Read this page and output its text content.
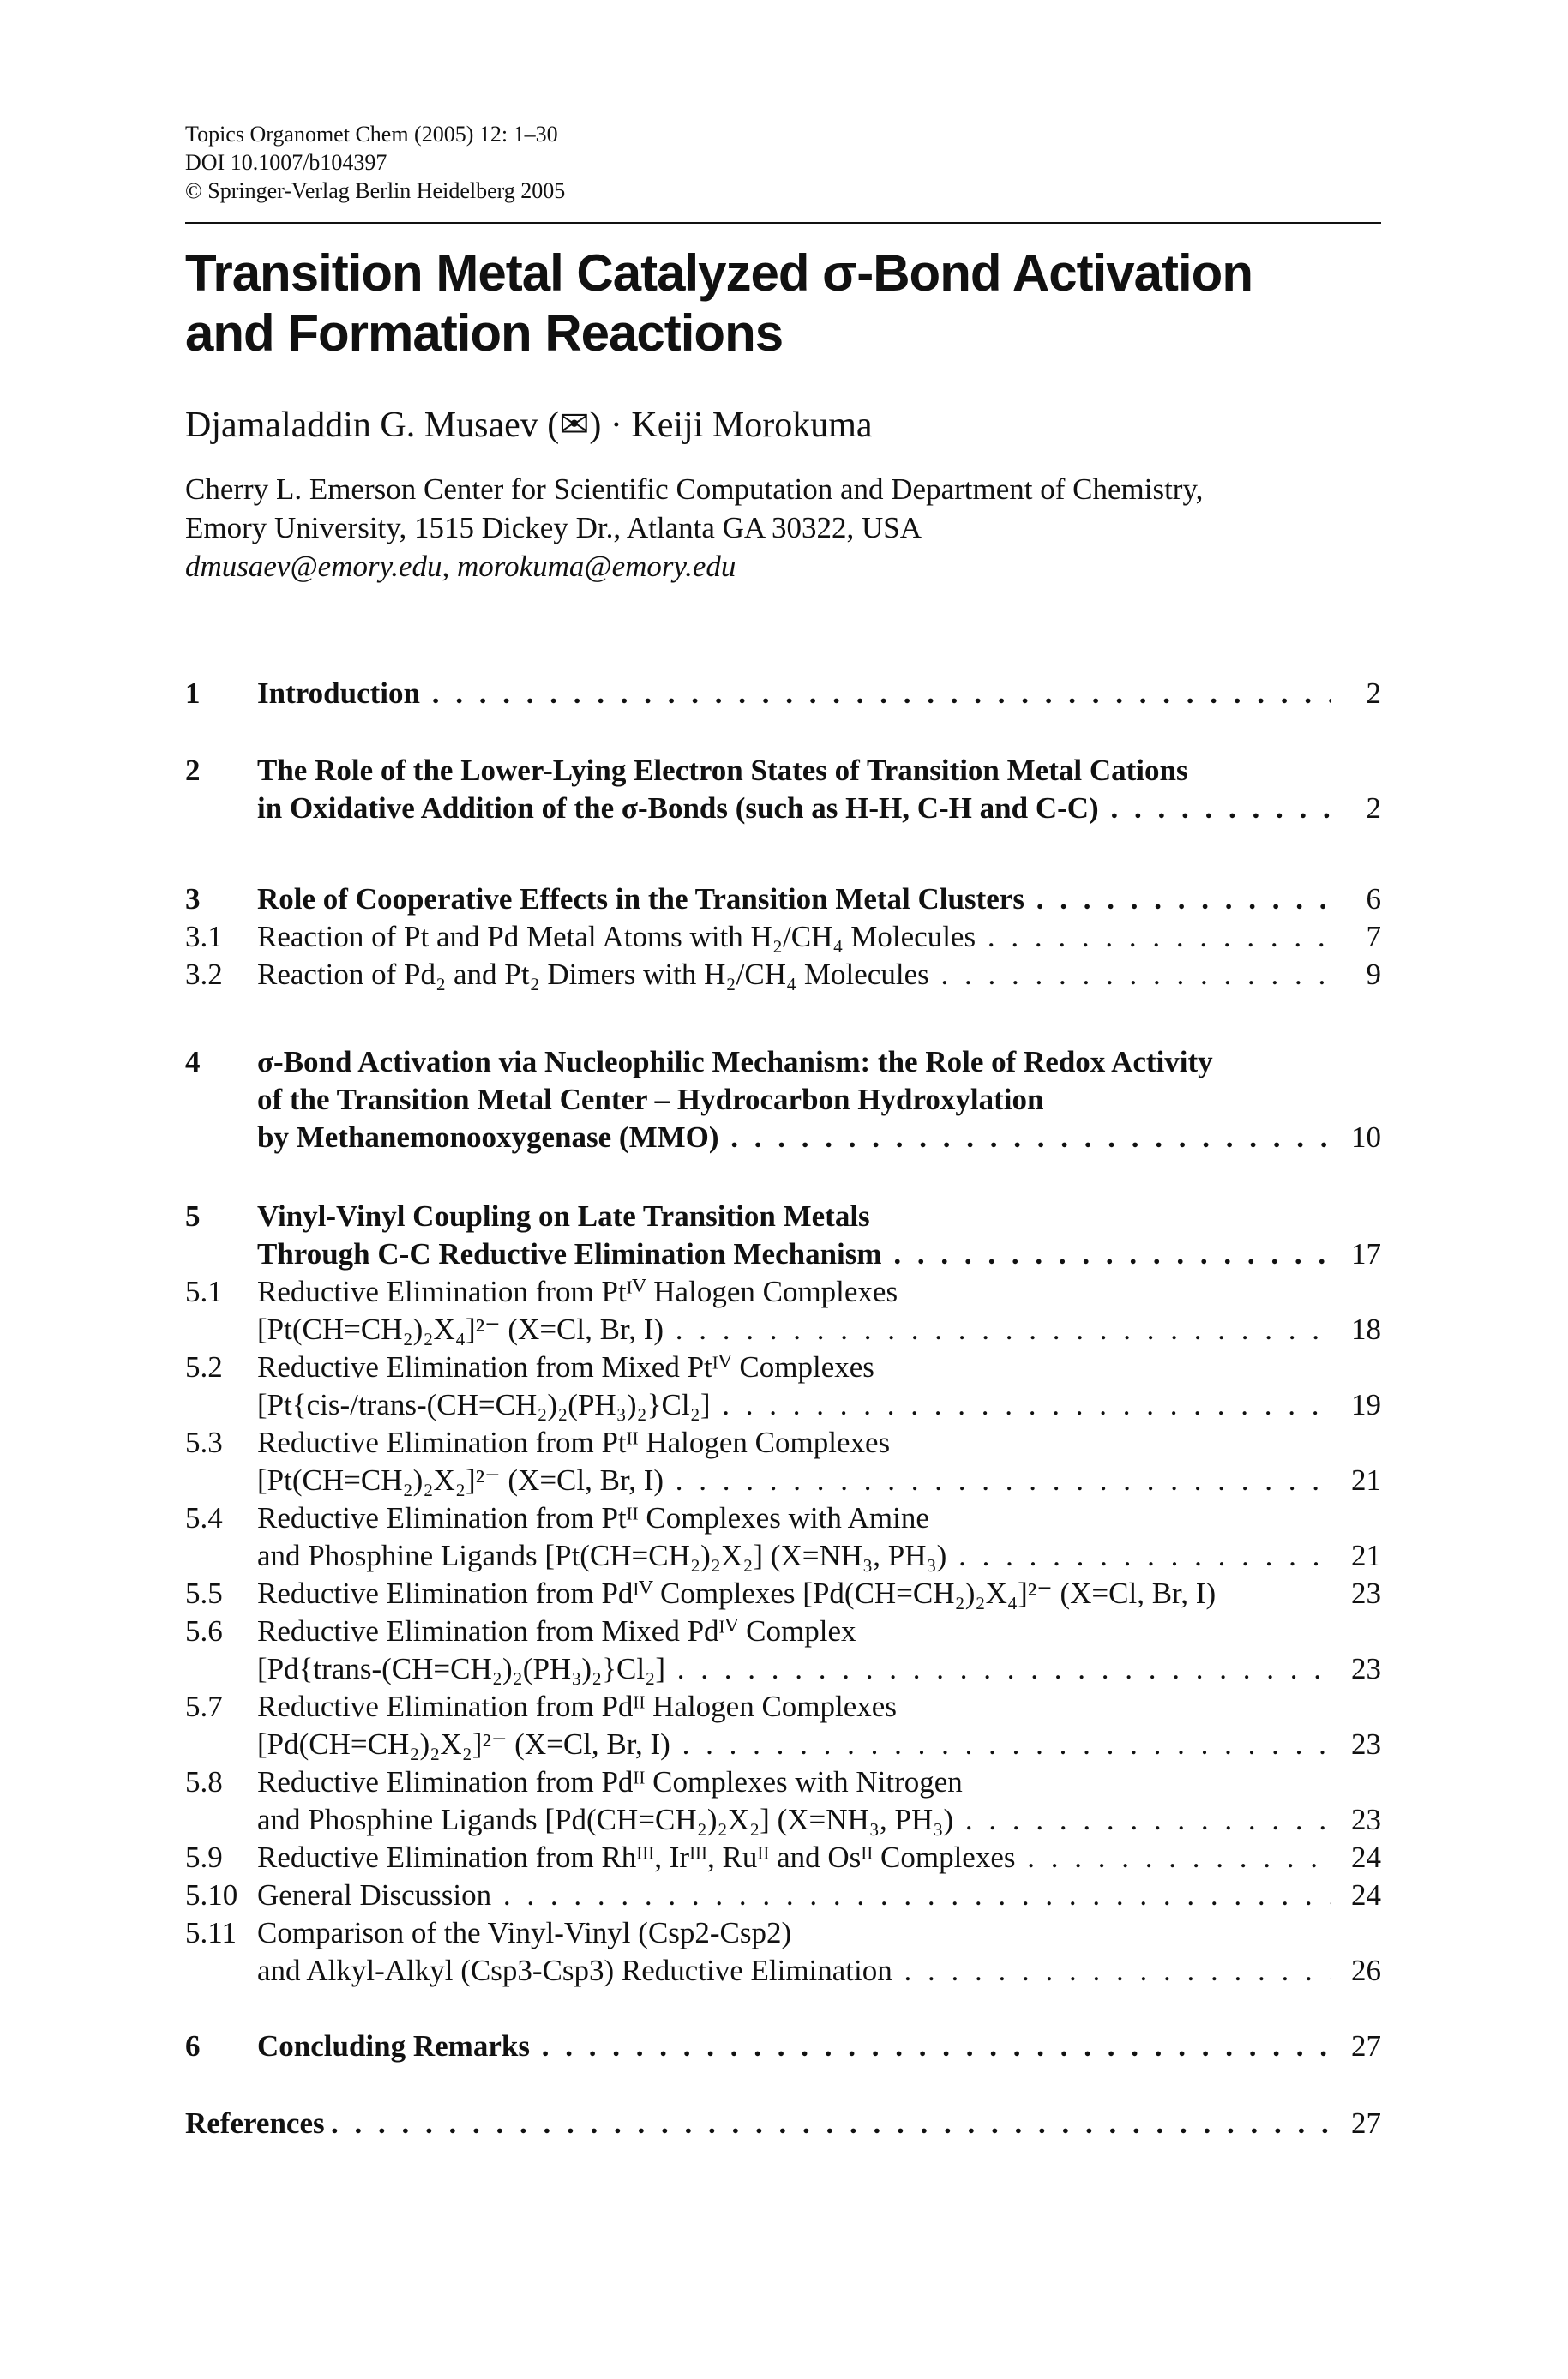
Topics Organomet Chem (2005) 12: 1–30
DOI 10.1007/b104397
© Springer-Verlag Berlin Heidelberg 2005
Transition Metal Catalyzed σ-Bond Activation
and Formation Reactions
Djamaladdin G. Musaev (✉) · Keiji Morokuma
Cherry L. Emerson Center for Scientific Computation and Department of Chemistry,
Emory University, 1515 Dickey Dr., Atlanta GA 30322, USA
dmusaev@emory.edu, morokuma@emory.edu
1 Introduction . . .	2
2 The Role of the Lower-Lying Electron States of Transition Metal Cations
in Oxidative Addition of the σ-Bonds (such as H-H, C-H and C-C) . . .	2
3 Role of Cooperative Effects in the Transition Metal Clusters . . .	6
3.1 Reaction of Pt and Pd Metal Atoms with H₂/CH₄ Molecules . . .	7
3.2 Reaction of Pd₂ and Pt₂ Dimers with H₂/CH₄ Molecules . . .	9
4 σ-Bond Activation via Nucleophilic Mechanism: the Role of Redox Activity
of the Transition Metal Center – Hydrocarbon Hydroxylation
by Methanemonooxygenase (MMO) . . .	10
5 Vinyl-Vinyl Coupling on Late Transition Metals
Through C-C Reductive Elimination Mechanism . . .	17
5.1 Reductive Elimination from Ptᴵⱽ Halogen Complexes
[Pt(CH=CH₂)₂X₄]²⁻ (X=Cl, Br, I) . . .	18
5.2 Reductive Elimination from Mixed Ptᴵⱽ Complexes
[Pt{cis-/trans-(CH=CH₂)₂(PH₃)₂}Cl₂] . . .	19
5.3 Reductive Elimination from Ptᴵᴵ Halogen Complexes
[Pt(CH=CH₂)₂X₂]²⁻ (X=Cl, Br, I) . . .	21
5.4 Reductive Elimination from Ptᴵᴵ Complexes with Amine
and Phosphine Ligands [Pt(CH=CH₂)₂X₂] (X=NH₃, PH₃) . . .	21
5.5 Reductive Elimination from Pdᴵⱽ Complexes [Pd(CH=CH₂)₂X₄]²⁻ (X=Cl, Br, I)	23
5.6 Reductive Elimination from Mixed Pdᴵⱽ Complex
[Pd{trans-(CH=CH₂)₂(PH₃)₂}Cl₂] . . .	23
5.7 Reductive Elimination from Pdᴵᴵ Halogen Complexes
[Pd(CH=CH₂)₂X₂]²⁻ (X=Cl, Br, I) . . .	23
5.8 Reductive Elimination from Pdᴵᴵ Complexes with Nitrogen
and Phosphine Ligands [Pd(CH=CH₂)₂X₂] (X=NH₃, PH₃) . . .	23
5.9 Reductive Elimination from Rhᴵᴵᴵ, Irᴵᴵᴵ, Ruᴵᴵ and Osᴵᴵ Complexes . . .	24
5.10 General Discussion . . .	24
5.11 Comparison of the Vinyl-Vinyl (Csp2-Csp2)
and Alkyl-Alkyl (Csp3-Csp3) Reductive Elimination . . .	26
6 Concluding Remarks . . .	27
References . . .	27
